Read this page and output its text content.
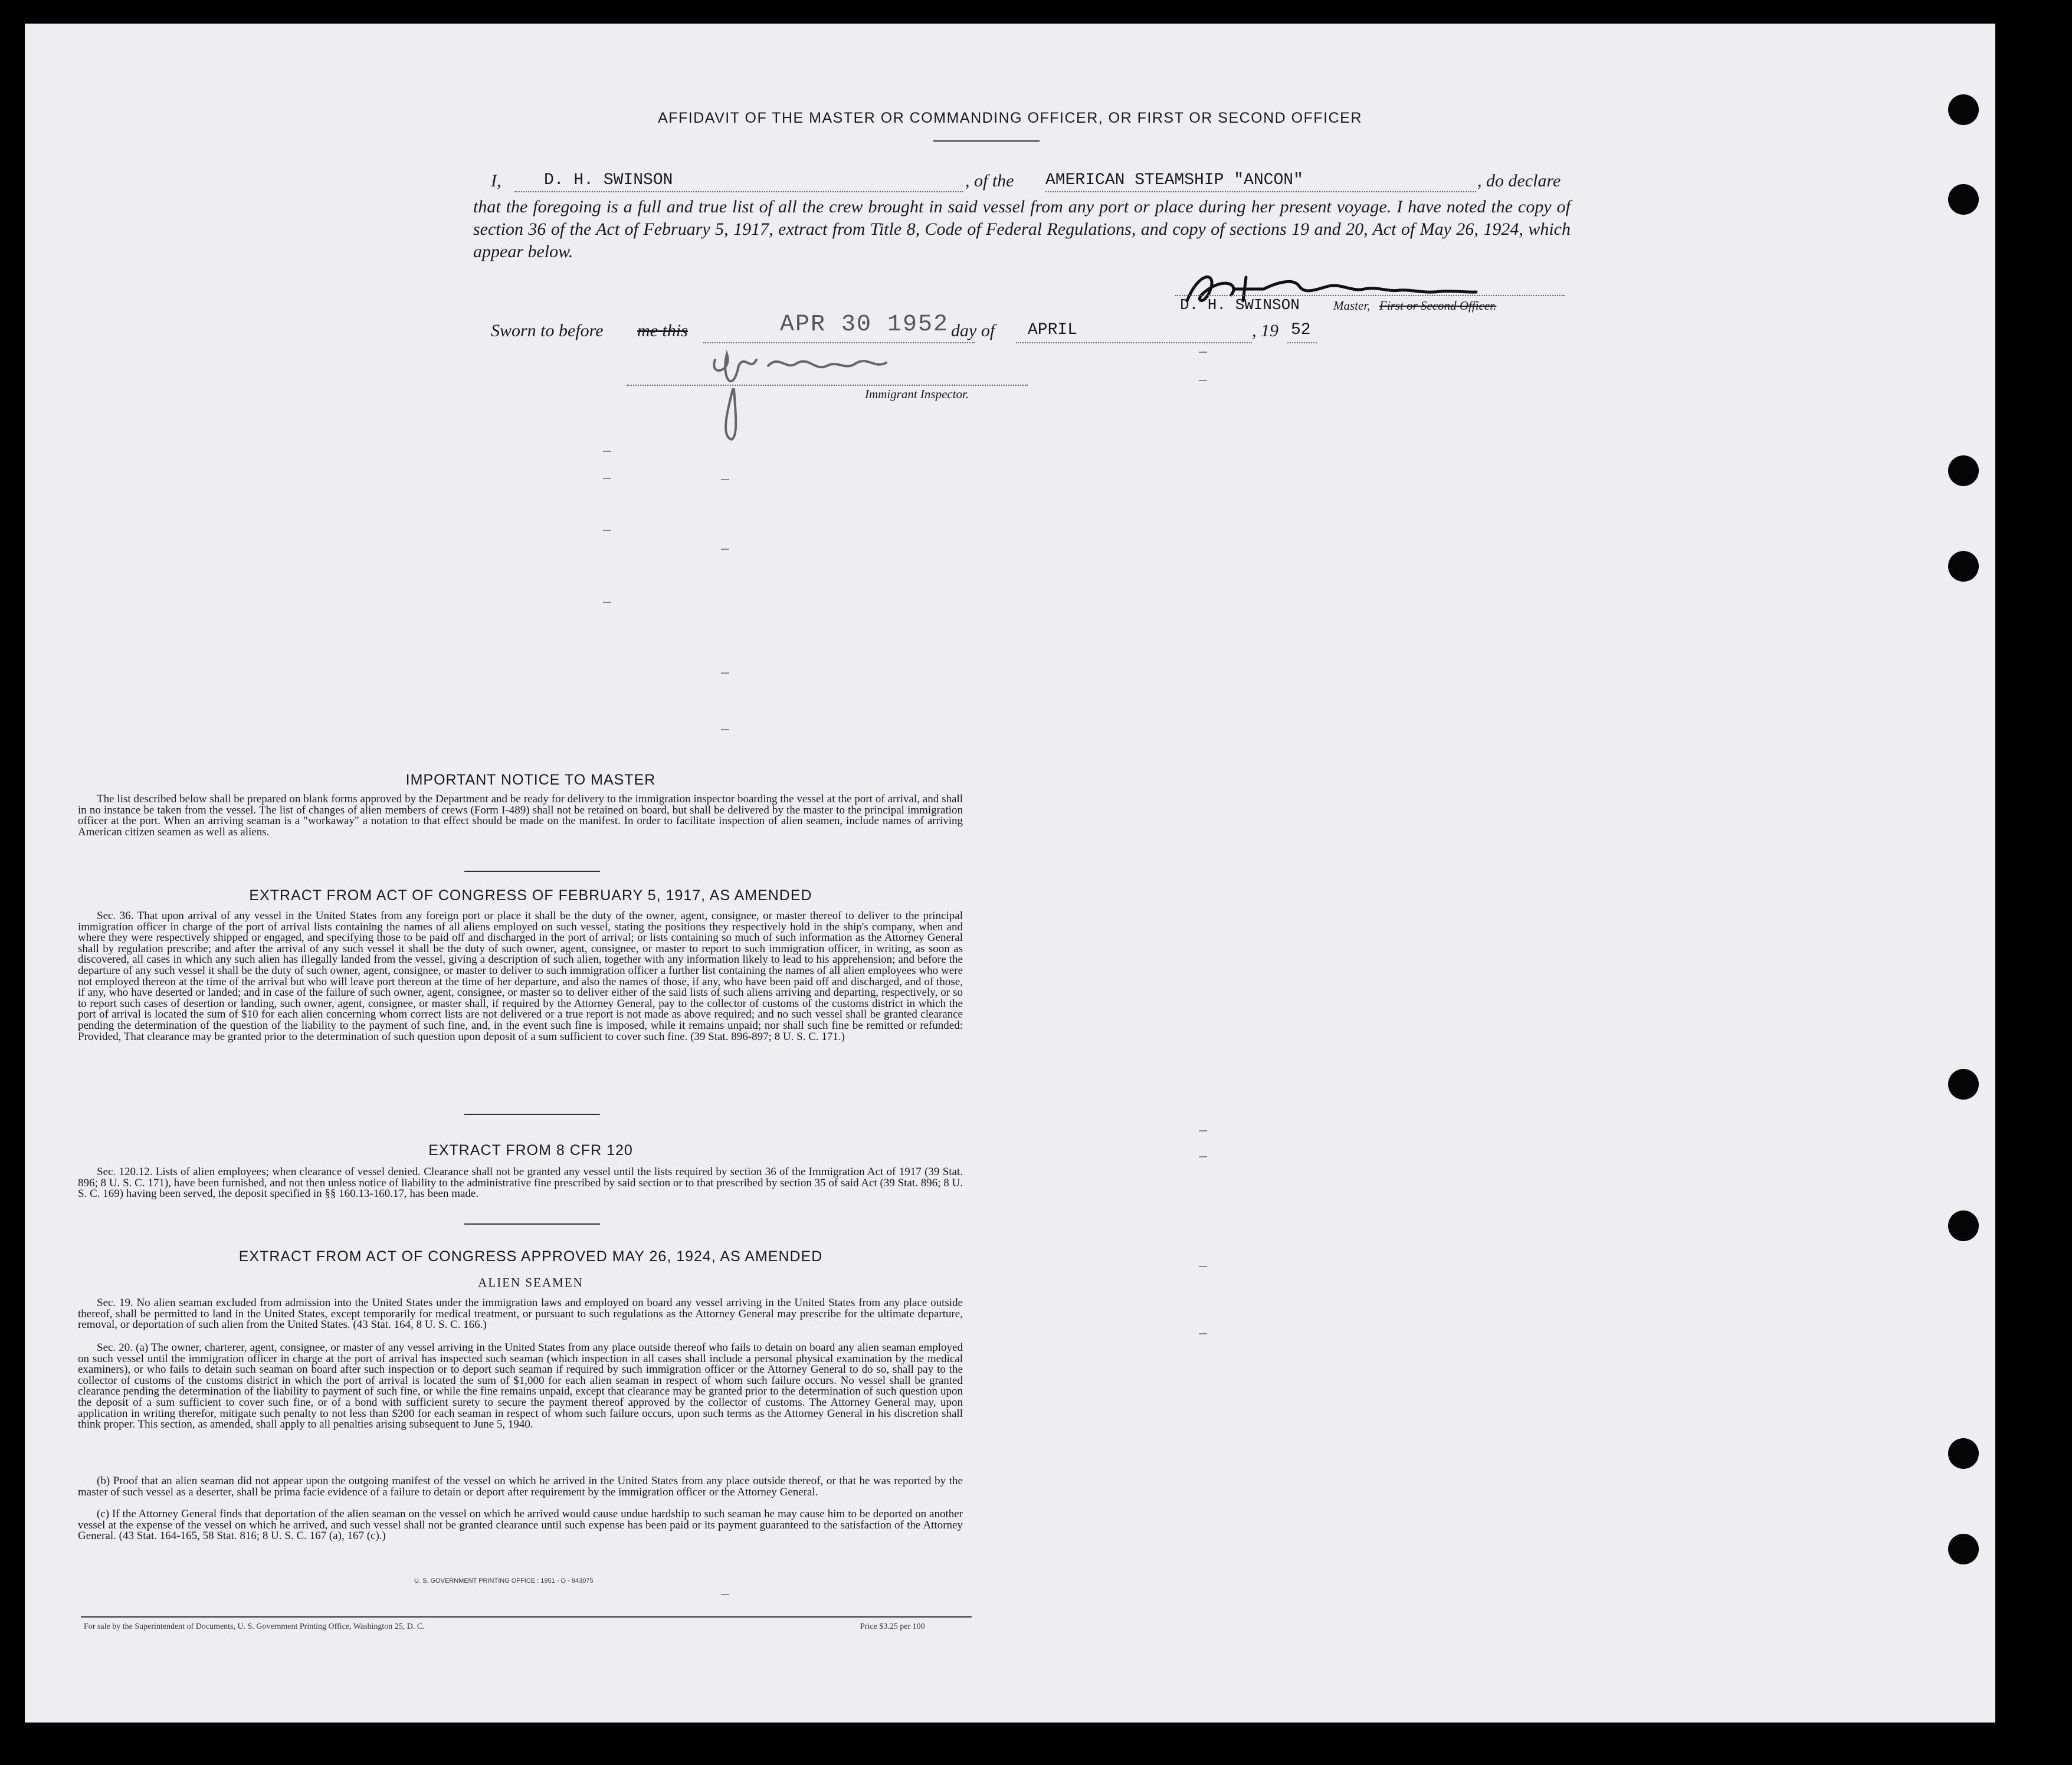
AFFIDAVIT OF THE MASTER OR COMMANDING OFFICER, OR FIRST OR SECOND OFFICER
I,	D. H. SWINSON	, of the AMERICAN STEAMSHIP "ANCON"	, do declare
that the foregoing is a full and true list of all the crew brought in said vessel from any port or place during her present voyage. I have noted the copy of section 36 of the Act of February 5, 1917, extract from Title 8, Code of Federal Regulations, and copy of sections 19 and 20, Act of May 26, 1924, which appear below.
D. H. SWINSON	Master, First or Second Officer.
Sworn to before me this	APR 30 1952 day of APRIL	, 19 52
Immigrant Inspector.
IMPORTANT NOTICE TO MASTER
The list described below shall be prepared on blank forms approved by the Department and be ready for delivery to the immigration inspector boarding the vessel at the port of arrival, and shall in no instance be taken from the vessel. The list of changes of alien members of crews (Form I-489) shall not be retained on board, but shall be delivered by the master to the principal immigration officer at the port. When an arriving seaman is a "workaway" a notation to that effect should be made on the manifest. In order to facilitate inspection of alien seamen, include names of arriving American citizen seamen as well as aliens.
EXTRACT FROM ACT OF CONGRESS OF FEBRUARY 5, 1917, AS AMENDED
Sec. 36. That upon arrival of any vessel in the United States from any foreign port or place it shall be the duty of the owner, agent, consignee, or master thereof to deliver to the principal immigration officer in charge of the port of arrival lists containing the names of all aliens employed on such vessel, stating the positions they respectively hold in the ship's company, when and where they were respectively shipped or engaged, and specifying those to be paid off and discharged in the port of arrival; or lists containing so much of such information as the Attorney General shall by regulation prescribe; and after the arrival of any such vessel it shall be the duty of such owner, agent, consignee, or master to report to such immigration officer, in writing, as soon as discovered, all cases in which any such alien has illegally landed from the vessel, giving a description of such alien, together with any information likely to lead to his apprehension; and before the departure of any such vessel it shall be the duty of such owner, agent, consignee, or master to deliver to such immigration officer a further list containing the names of all alien employees who were not employed thereon at the time of the arrival but who will leave port thereon at the time of her departure, and also the names of those, if any, who have been paid off and discharged, and of those, if any, who have deserted or landed; and in case of the failure of such owner, agent, consignee, or master so to deliver either of the said lists of such aliens arriving and departing, respectively, or so to report such cases of desertion or landing, such owner, agent, consignee, or master shall, if required by the Attorney General, pay to the collector of customs of the customs district in which the port of arrival is located the sum of $10 for each alien concerning whom correct lists are not delivered or a true report is not made as above required; and no such vessel shall be granted clearance pending the determination of the question of the liability to the payment of such fine, and, in the event such fine is imposed, while it remains unpaid; nor shall such fine be remitted or refunded: Provided, That clearance may be granted prior to the determination of such question upon deposit of a sum sufficient to cover such fine. (39 Stat. 896-897; 8 U. S. C. 171.)
EXTRACT FROM 8 CFR 120
Sec. 120.12. Lists of alien employees; when clearance of vessel denied. Clearance shall not be granted any vessel until the lists required by section 36 of the Immigration Act of 1917 (39 Stat. 896; 8 U. S. C. 171), have been furnished, and not then unless notice of liability to the administrative fine prescribed by said section or to that prescribed by section 35 of said Act (39 Stat. 896; 8 U. S. C. 169) having been served, the deposit specified in §§ 160.13-160.17, has been made.
EXTRACT FROM ACT OF CONGRESS APPROVED MAY 26, 1924, AS AMENDED
ALIEN SEAMEN
Sec. 19. No alien seaman excluded from admission into the United States under the immigration laws and employed on board any vessel arriving in the United States from any place outside thereof, shall be permitted to land in the United States, except temporarily for medical treatment, or pursuant to such regulations as the Attorney General may prescribe for the ultimate departure, removal, or deportation of such alien from the United States. (43 Stat. 164, 8 U. S. C. 166.)
Sec. 20. (a) The owner, charterer, agent, consignee, or master of any vessel arriving in the United States from any place outside thereof who fails to detain on board any alien seaman employed on such vessel until the immigration officer in charge at the port of arrival has inspected such seaman (which inspection in all cases shall include a personal physical examination by the medical examiners), or who fails to detain such seaman on board after such inspection or to deport such seaman if required by such immigration officer or the Attorney General to do so, shall pay to the collector of customs of the customs district in which the port of arrival is located the sum of $1,000 for each alien seaman in respect of whom such failure occurs. No vessel shall be granted clearance pending the determination of the liability to payment of such fine, or while the fine remains unpaid, except that clearance may be granted prior to the determination of such question upon the deposit of a sum sufficient to cover such fine, or of a bond with sufficient surety to secure the payment thereof approved by the collector of customs. The Attorney General may, upon application in writing therefor, mitigate such penalty to not less than $200 for each seaman in respect of whom such failure occurs, upon such terms as the Attorney General in his discretion shall think proper. This section, as amended, shall apply to all penalties arising subsequent to June 5, 1940.
(b) Proof that an alien seaman did not appear upon the outgoing manifest of the vessel on which he arrived in the United States from any place outside thereof, or that he was reported by the master of such vessel as a deserter, shall be prima facie evidence of a failure to detain or deport after requirement by the immigration officer or the Attorney General.
(c) If the Attorney General finds that deportation of the alien seaman on the vessel on which he arrived would cause undue hardship to such seaman he may cause him to be deported on another vessel at the expense of the vessel on which he arrived, and such vessel shall not be granted clearance until such expense has been paid or its payment guaranteed to the satisfaction of the Attorney General. (43 Stat. 164-165, 58 Stat. 816; 8 U. S. C. 167 (a), 167 (c).)
U. S. GOVERNMENT PRINTING OFFICE : 1951 - O - 943075
For sale by the Superintendent of Documents, U. S. Government Printing Office, Washington 25, D. C.	Price $3.25 per 100
